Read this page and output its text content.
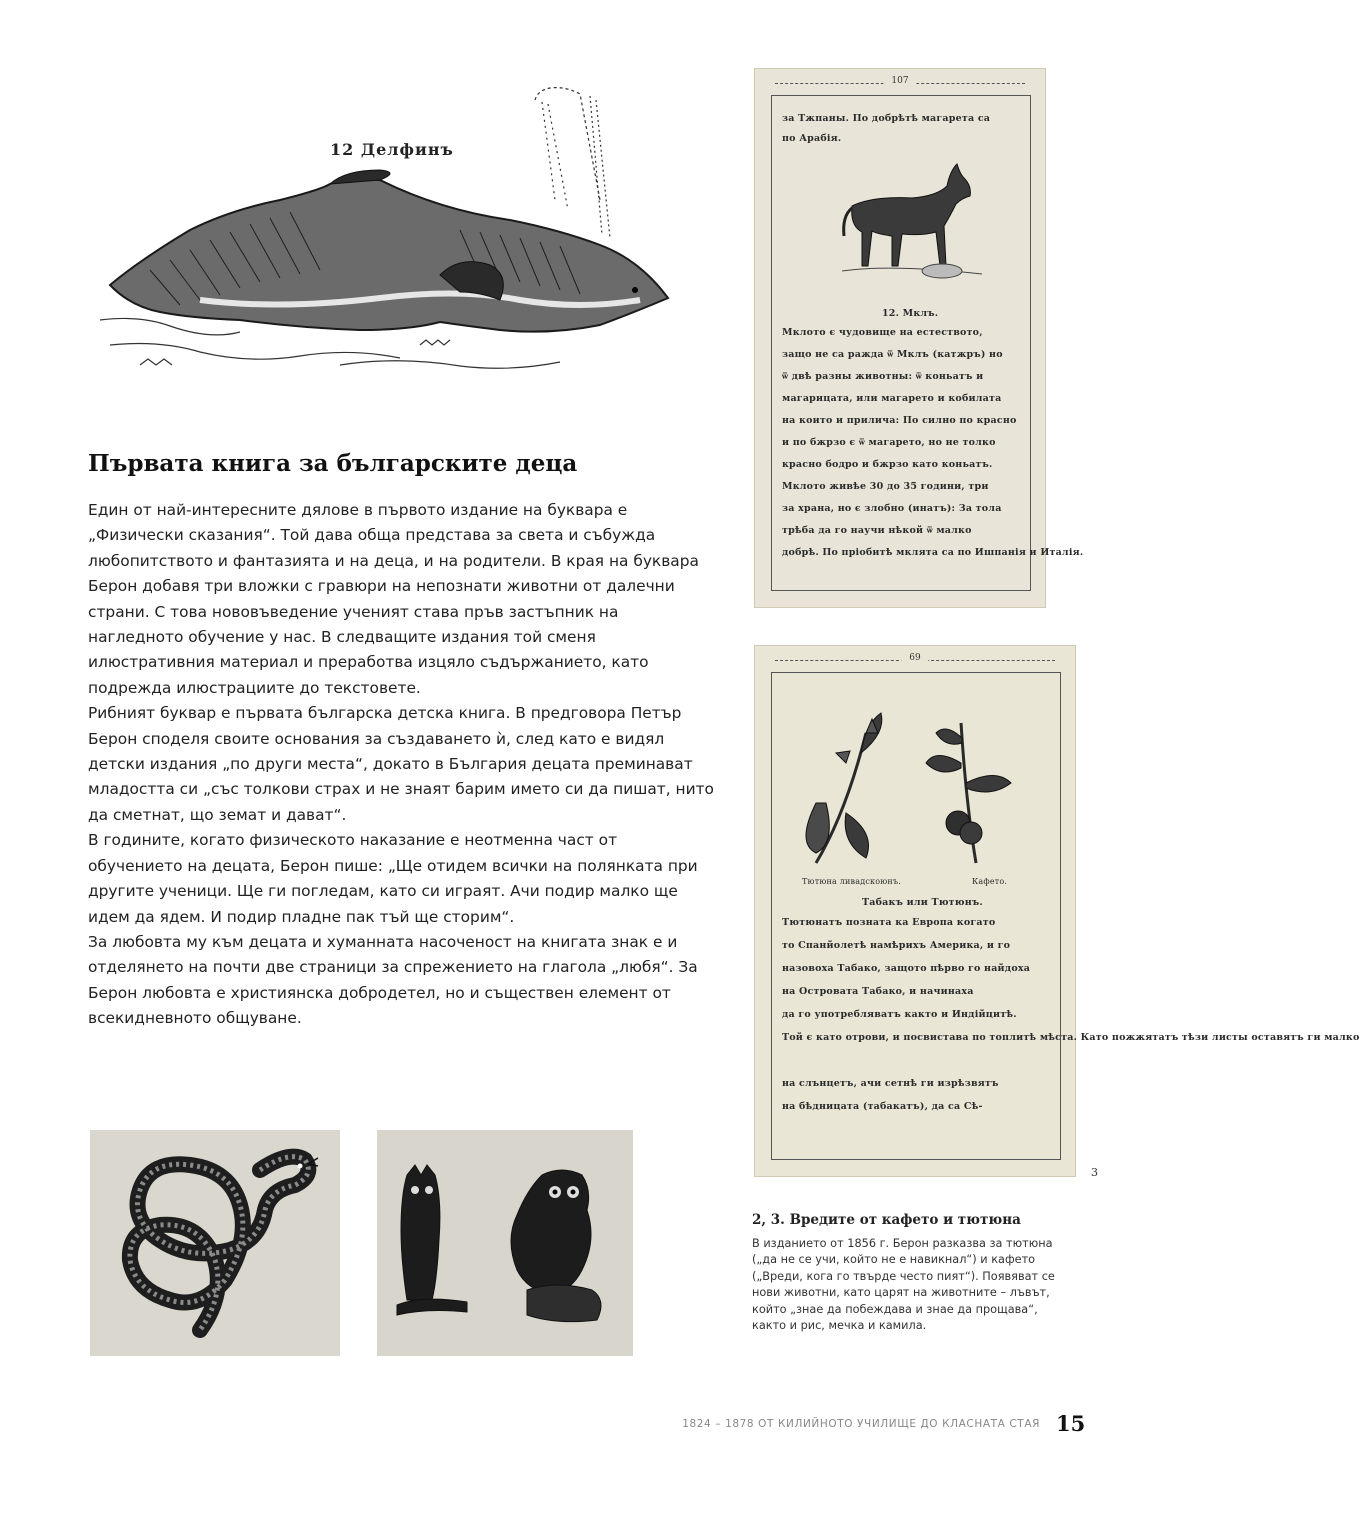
12 Делфинъ
Първата книга за българските деца

Един от най-интересните дялове в първото издание на буквара е „Физически сказания“. Той дава обща представа за света и събужда любопитството и фантазията и на деца, и на родители. В края на буквара Берон добавя три вложки с гравюри на непознати животни от далечни страни. С това нововъведение ученият става пръв застъпник на нагледното обучение у нас. В следващите издания той сменя илюстративния материал и преработва изцяло съдържанието, като подрежда илюстрациите до текстовете.

Рибният буквар е първата българска детска книга. В предговора Петър Берон споделя своите основания за създаването ѝ, след като е видял детски издания „по други места“, докато в България децата преминават младостта си „със толкови страх и не знаят барим името си да пишат, нито да сметнат, що земат и дават“.

В годините, когато физическото наказание е неотменна част от обучението на децата, Берон пише: „Ще отидем всички на полянката при другите ученици. Ще ги погледам, като си играят. Ачи подир малко ще идем да ядем. И подир пладне пак тъй ще сторим“.

За любовта му към децата и хуманната насоченост на книгата знак е и отделянето на почти две страници за спрежението на глагола „любя“. За Берон любовта е християнска добродетел, но и съществен елемент от всекидневното общуване.

107
за Тжпаны. По добрѣтѣ магарета са
по Арабія.
12. Мклъ.
Мклото є чудовище на естеството,
защо не са ражда ѿ Мклъ (катжръ) но
ѿ двѣ разны животны: ѿ коньатъ и
магарицата, или магарето и кобилата
на които и прилича: По силно по красно
и по бжрзо є ѿ магарето, но не толко
красно бодро и бжрзо като коньатъ.
Мклото живѣе 30 до 35 години, три
за храна, но є злобно (инатъ): За тола
трѣба да го научи нѣкой ѿ малко
добрѣ. По пріобитѣ мклята са по Ишпанія и Италія.
69
Тютюна ливадскоюнъ.	Кафето.
Табакъ или Тютюнъ.
Тютюнатъ позната ка Европа когато
то Спанйолетѣ намѣрихъ Америка, и го
назовоха Табако, защото пѣрво го найдоха
на Островата Табако, и начинаха
да го употребляватъ както и Индійцитѣ.
Той є като отрови, и посвистава по топлитѣ мѣста. Като пожжятатъ тѣзи листы оставятъ ги малко
на слънцетъ, ачи сетнѣ ги изрѣзвятъ
на бѣдницата (табакатъ), да са Сѣ-
3
2, 3. Вредите от кафето и тютюна
В изданието от 1856 г. Берон разказва за тютюна („да не се учи, който не е навикнал“) и кафето („Вреди, кога го твърде често пият“). Появяват се нови животни, като царят на животните – лъвът, който „знае да побеждава и знае да прощава“, както и рис, мечка и камила.
1824 – 1878 ОТ КИЛИЙНОТО УЧИЛИЩЕ ДО КЛАСНАТА СТАЯ 15
